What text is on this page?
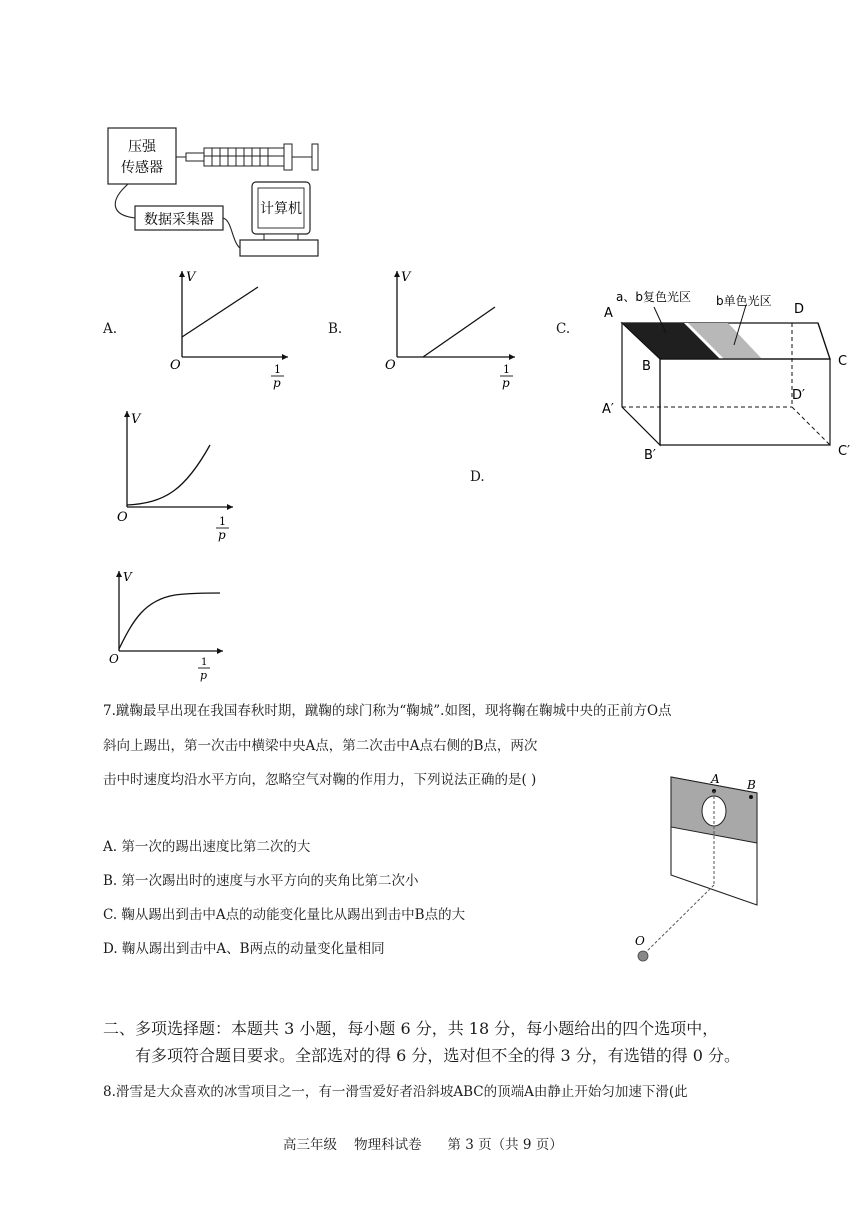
压强
传感器
数据采集器
计算机
A.	B.	C.
D.
V
O	1
p
V
O	1
p
V
O	1
p
V
O	1
p
a、b复色光区 b单色光区
A
B	C
D
A′
B′	C′
D′
7.蹴鞠最早出现在我国春秋时期，蹴鞠的球门称为“鞠城”.如图，现将鞠在鞠城中央的正前方O点
斜向上踢出，第一次击中横梁中央A点，第二次击中A点右侧的B点，两次
击中时速度均沿水平方向，忽略空气对鞠的作用力，下列说法正确的是( )
A. 第一次的踢出速度比第二次的大
B. 第一次踢出时的速度与水平方向的夹角比第二次小
C. 鞠从踢出到击中A点的动能变化量比从踢出到击中B点的大
D. 鞠从踢出到击中A、B两点的动量变化量相同
A B
O
二、多项选择题：本题共 3 小题，每小题 6 分，共 18 分，每小题给出的四个选项中，
有多项符合题目要求。全部选对的得 6 分，选对但不全的得 3 分，有选错的得 0 分。
8.滑雪是大众喜欢的冰雪项目之一，有一滑雪爱好者沿斜坡ABC的顶端A由静止开始匀加速下滑(此
高三年级    物理科试卷      第 3 页（共 9 页）
